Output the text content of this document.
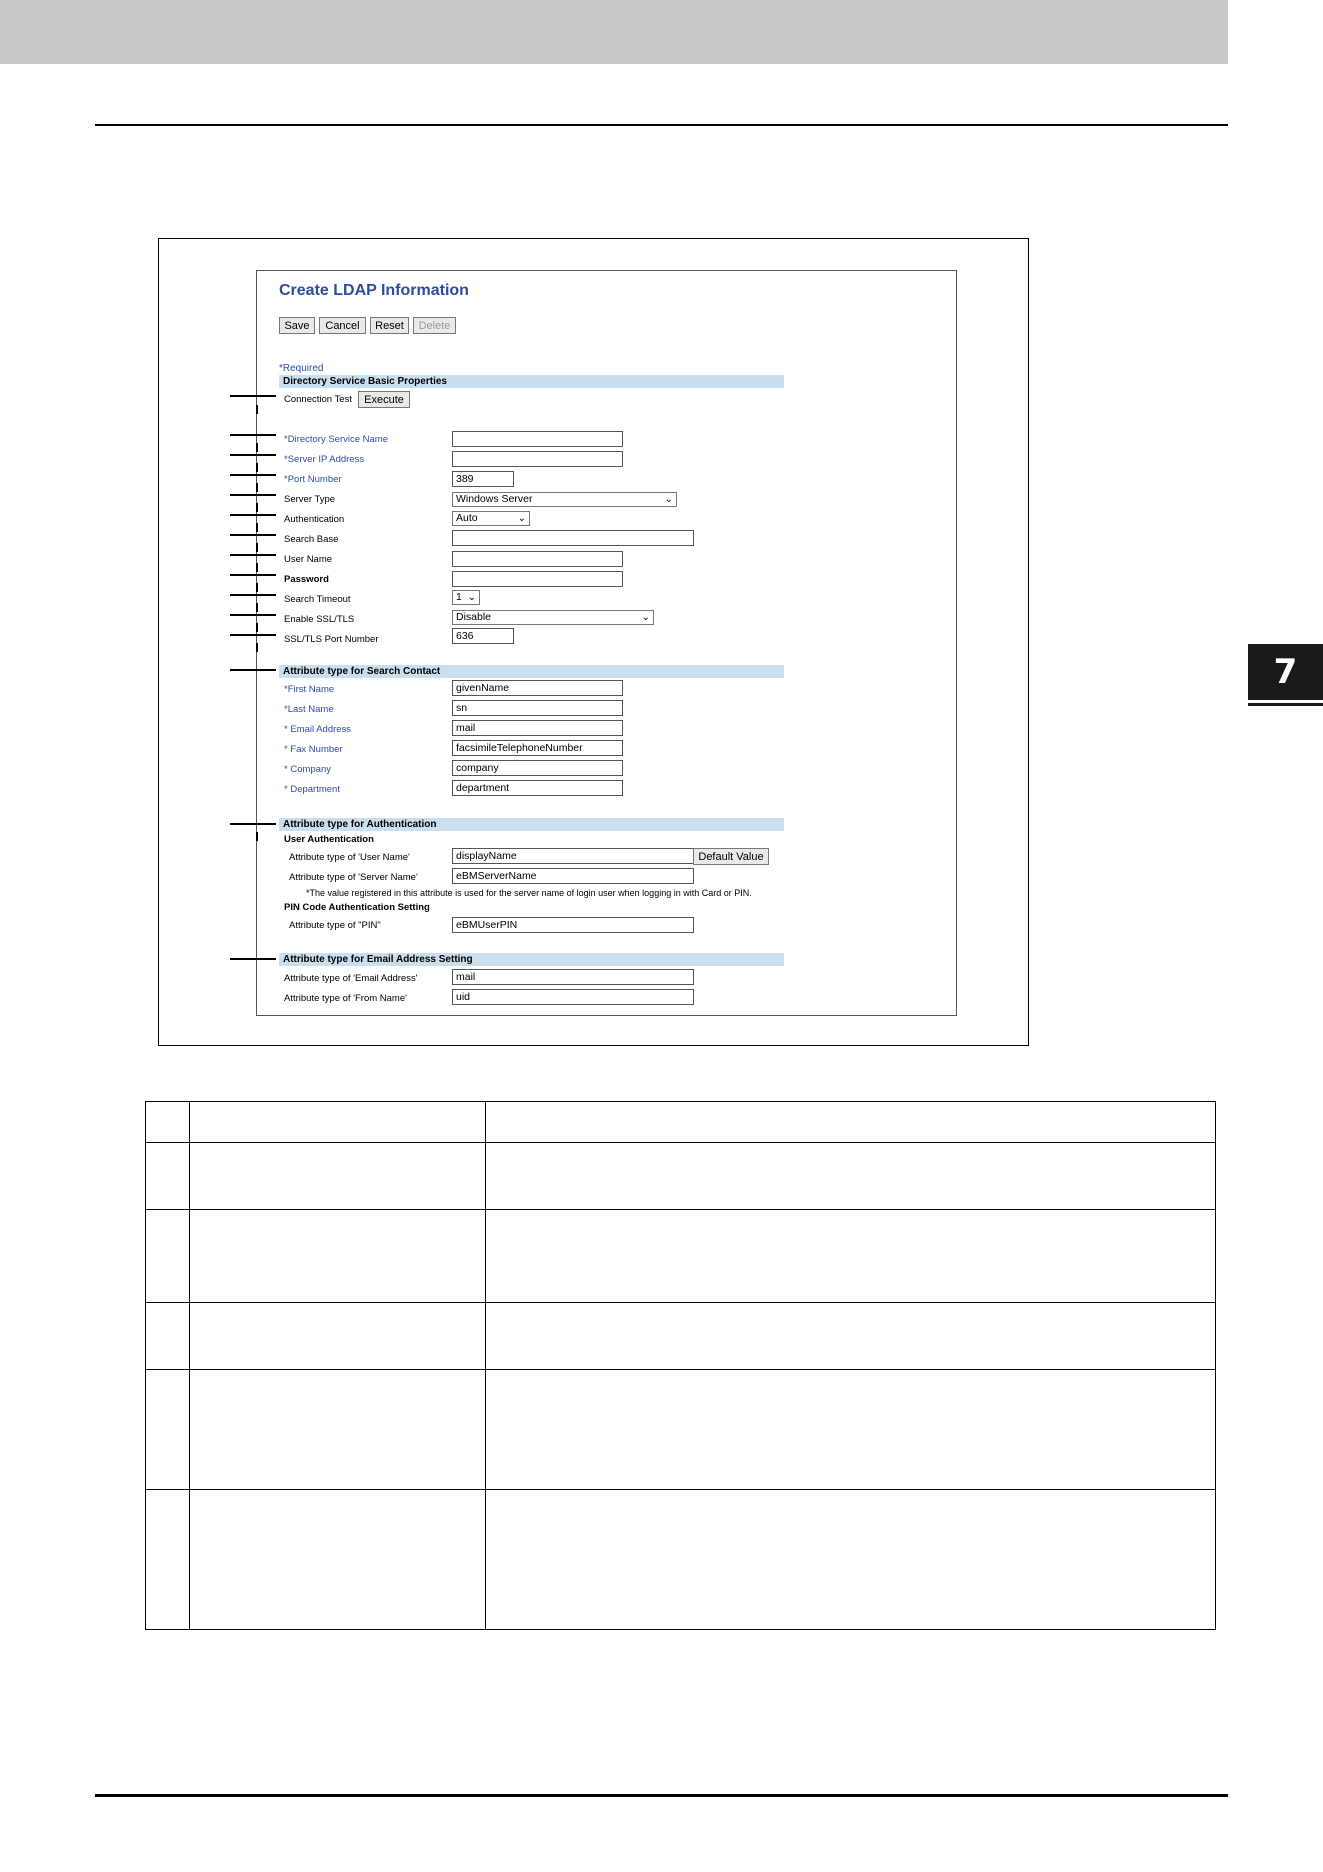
7
Create LDAP Information
Save	Cancel	Reset	Delete
*Required
Directory Service Basic Properties
Connection Test	Execute
*Directory Service Name
*Server IP Address
*Port Number	389
Server Type	Windows Server	⌄
Authentication	Auto	⌄
Search Base
User Name
Password
Search Timeout	1 ⌄
Enable SSL/TLS	Disable	⌄
SSL/TLS Port Number	636
Attribute type for Search Contact
*First Name	givenName
*Last Name	sn
* Email Address	mail
* Fax Number	facsimileTelephoneNumber
* Company	company
* Department	department
Attribute type for Authentication
User Authentication
Attribute type of 'User Name'	displayName	Default Value
Attribute type of 'Server Name'	eBMServerName
*The value registered in this attribute is used for the server name of login user when logging in with Card or PIN.
PIN Code Authentication Setting
Attribute type of "PIN"	eBMUserPIN
Attribute type for Email Address Setting
Attribute type of 'Email Address'	mail
Attribute type of 'From Name'	uid
